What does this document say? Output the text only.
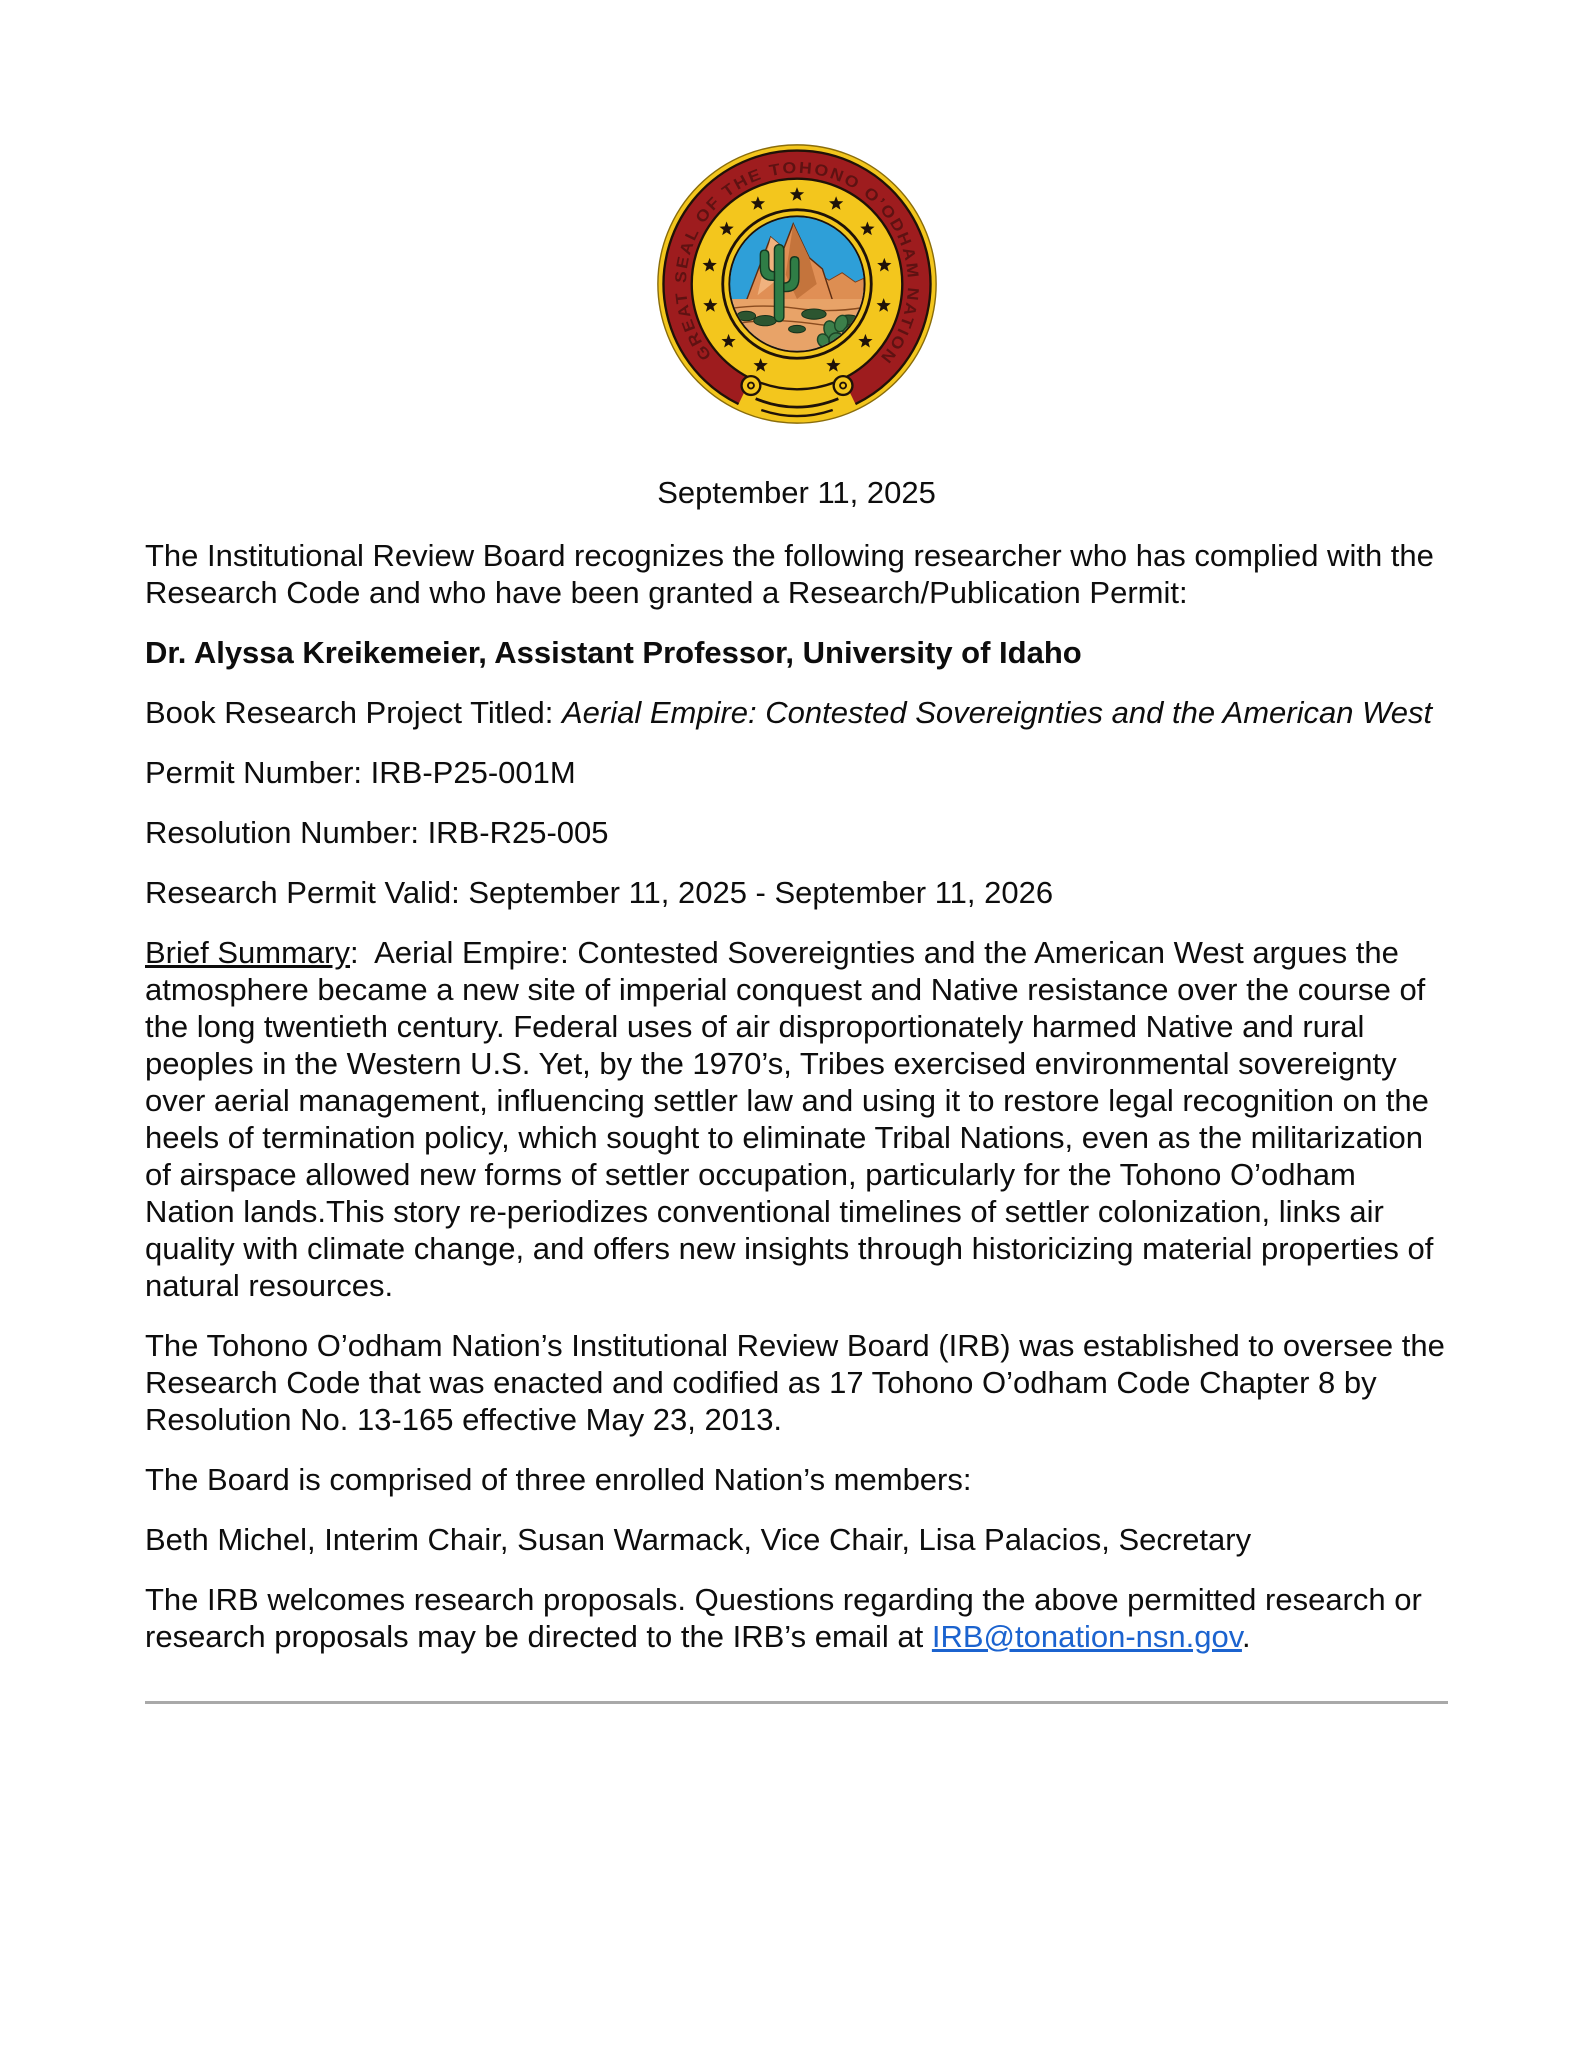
GREAT SEAL OF THE TOHONO O’ODHAM NATION
September 11, 2025

The Institutional Review Board recognizes the following researcher who has complied with the Research Code and who have been granted a Research/Publication Permit:

Dr. Alyssa Kreikemeier, Assistant Professor, University of Idaho

Book Research Project Titled: Aerial Empire: Contested Sovereignties and the American West

Permit Number: IRB-P25-001M

Resolution Number: IRB-R25-005

Research Permit Valid: September 11, 2025 - September 11, 2026

Brief Summary:  Aerial Empire: Contested Sovereignties and the American West argues the atmosphere became a new site of imperial conquest and Native resistance over the course of the long twentieth century. Federal uses of air disproportionately harmed Native and rural peoples in the Western U.S. Yet, by the 1970’s, Tribes exercised environmental sovereignty over aerial management, influencing settler law and using it to restore legal recognition on the heels of termination policy, which sought to eliminate Tribal Nations, even as the militarization of airspace allowed new forms of settler occupation, particularly for the Tohono O’odham Nation lands.This story re-periodizes conventional timelines of settler colonization, links air quality with climate change, and offers new insights through historicizing material properties of natural resources.

The Tohono O’odham Nation’s Institutional Review Board (IRB) was established to oversee the Research Code that was enacted and codified as 17 Tohono O’odham Code Chapter 8 by Resolution No. 13-165 effective May 23, 2013.

The Board is comprised of three enrolled Nation’s members:

Beth Michel, Interim Chair, Susan Warmack, Vice Chair, Lisa Palacios, Secretary

The IRB welcomes research proposals. Questions regarding the above permitted research or research proposals may be directed to the IRB’s email at IRB@tonation-nsn.gov.
